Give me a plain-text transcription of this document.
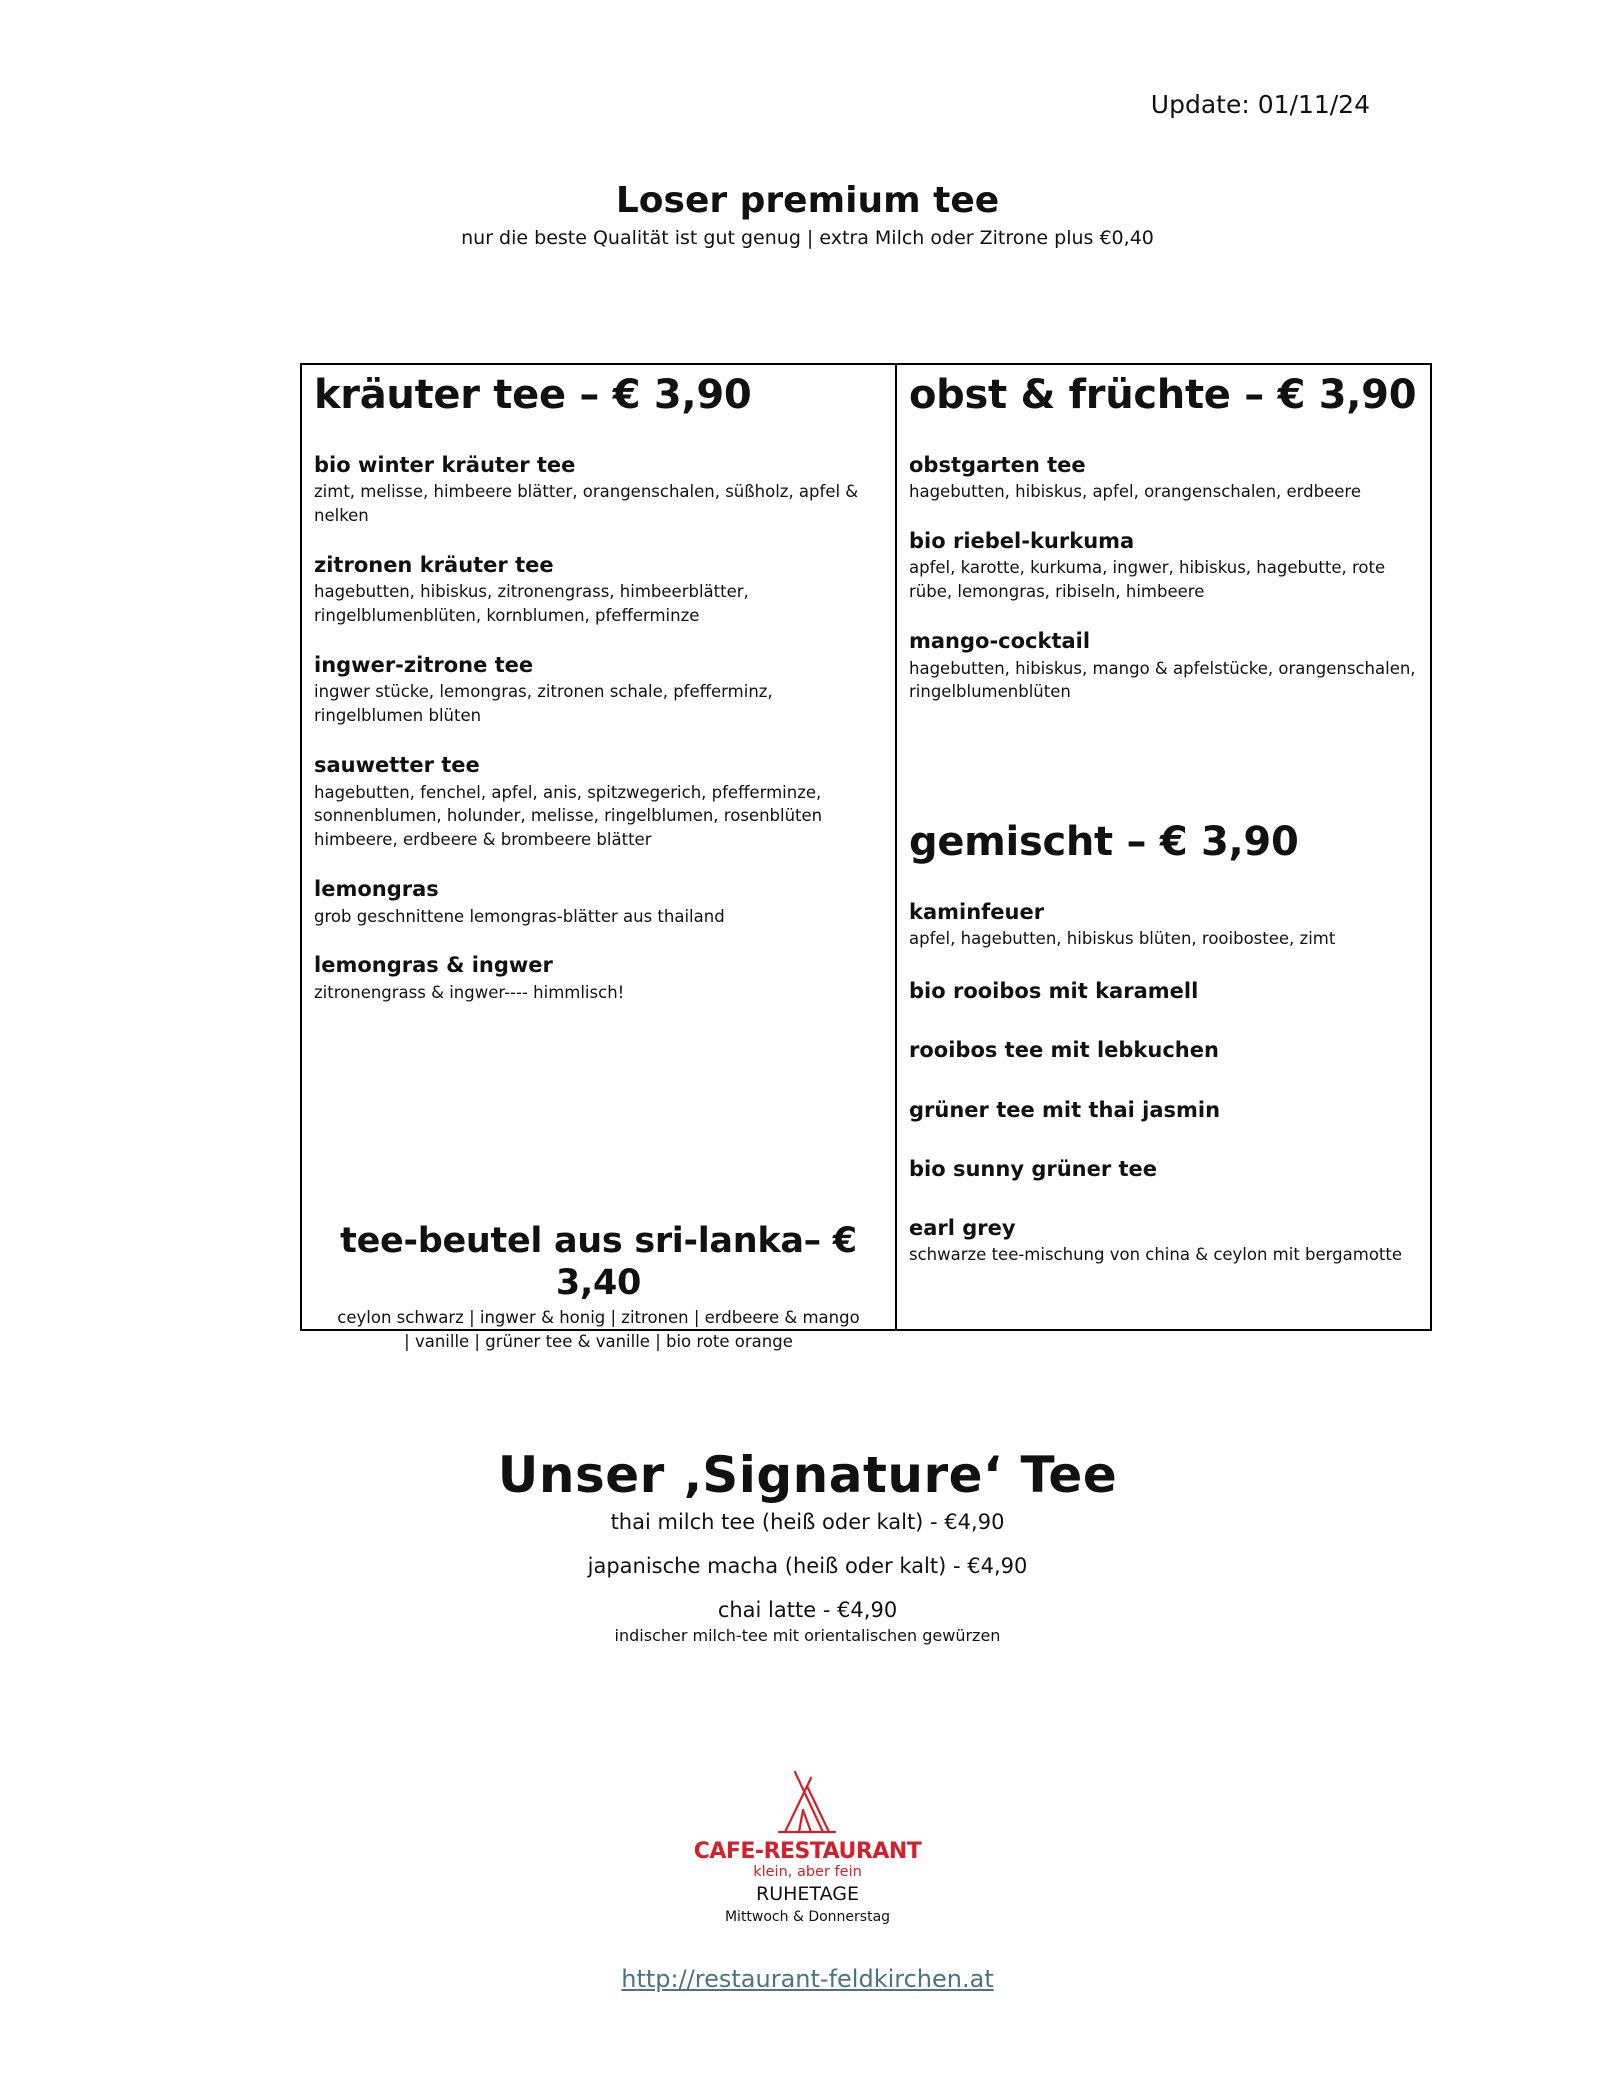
Update: 01/11/24

Loser premium tee

nur die beste Qualität ist gut genug | extra Milch oder Zitrone plus €0,40

kräuter tee – € 3,90

bio winter kräuter tee

zimt, melisse, himbeere blätter, orangenschalen, süßholz, apfel & nelken

zitronen kräuter tee

hagebutten, hibiskus, zitronengrass, himbeerblätter, ringelblumenblüten, kornblumen, pfefferminze

ingwer-zitrone tee

ingwer stücke, lemongras, zitronen schale, pfefferminz, ringelblumen blüten

sauwetter tee

hagebutten, fenchel, apfel, anis, spitzwegerich, pfefferminze, sonnenblumen, holunder, melisse, ringelblumen, rosenblüten himbeere, erdbeere & brombeere blätter

lemongras

grob geschnittene lemongras-blätter aus thailand

lemongras & ingwer

zitronengrass & ingwer---- himmlisch!

tee-beutel aus sri-lanka– € 3,40

ceylon schwarz | ingwer & honig | zitronen | erdbeere & mango | vanille | grüner tee & vanille | bio rote orange

obst & früchte – € 3,90

obstgarten tee

hagebutten, hibiskus, apfel, orangenschalen, erdbeere

bio riebel-kurkuma

apfel, karotte, kurkuma, ingwer, hibiskus, hagebutte, rote rübe, lemongras, ribiseln, himbeere

mango-cocktail

hagebutten, hibiskus, mango & apfelstücke, orangenschalen, ringelblumenblüten

gemischt – € 3,90

kaminfeuer

apfel, hagebutten, hibiskus blüten, rooibostee, zimt

bio rooibos mit karamell

rooibos tee mit lebkuchen

grüner tee mit thai jasmin

bio sunny grüner tee

earl grey

schwarze tee-mischung von china & ceylon mit bergamotte

Unser ‚Signature‘ Tee

thai milch tee (heiß oder kalt) - €4,90

japanische macha (heiß oder kalt) - €4,90

chai latte - €4,90

indischer milch-tee mit orientalischen gewürzen

CAFE-RESTAURANT

klein, aber fein

RUHETAGE

Mittwoch & Donnerstag

http://restaurant-feldkirchen.at
